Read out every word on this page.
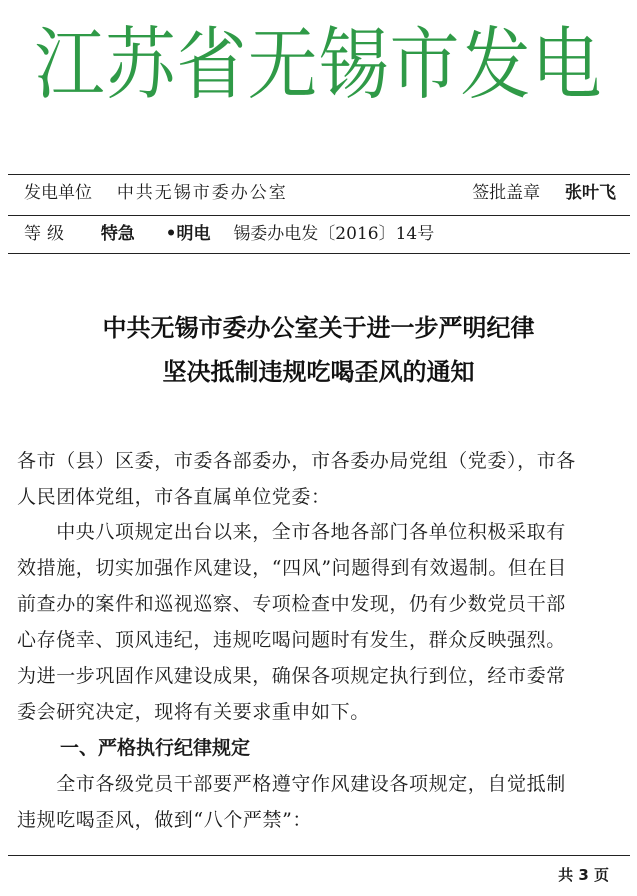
江苏省无锡市发电
发电单位 中共无锡市委办公室	签批盖章 张叶飞
等级 特急 •明电 锡委办电发〔2016〕14号
中共无锡市委办公室关于进一步严明纪律
坚决抵制违规吃喝歪风的通知
各市（县）区委，市委各部委办，市各委办局党组（党委），市各
人民团体党组，市各直属单位党委：
　　中央八项规定出台以来，全市各地各部门各单位积极采取有
效措施，切实加强作风建设，“四风”问题得到有效遏制。但在目
前查办的案件和巡视巡察、专项检查中发现，仍有少数党员干部
心存侥幸、顶风违纪，违规吃喝问题时有发生，群众反映强烈。
为进一步巩固作风建设成果，确保各项规定执行到位，经市委常
委会研究决定，现将有关要求重申如下。
一、严格执行纪律规定
　　全市各级党员干部要严格遵守作风建设各项规定，自觉抵制
违规吃喝歪风，做到“八个严禁”：
共 3 页
